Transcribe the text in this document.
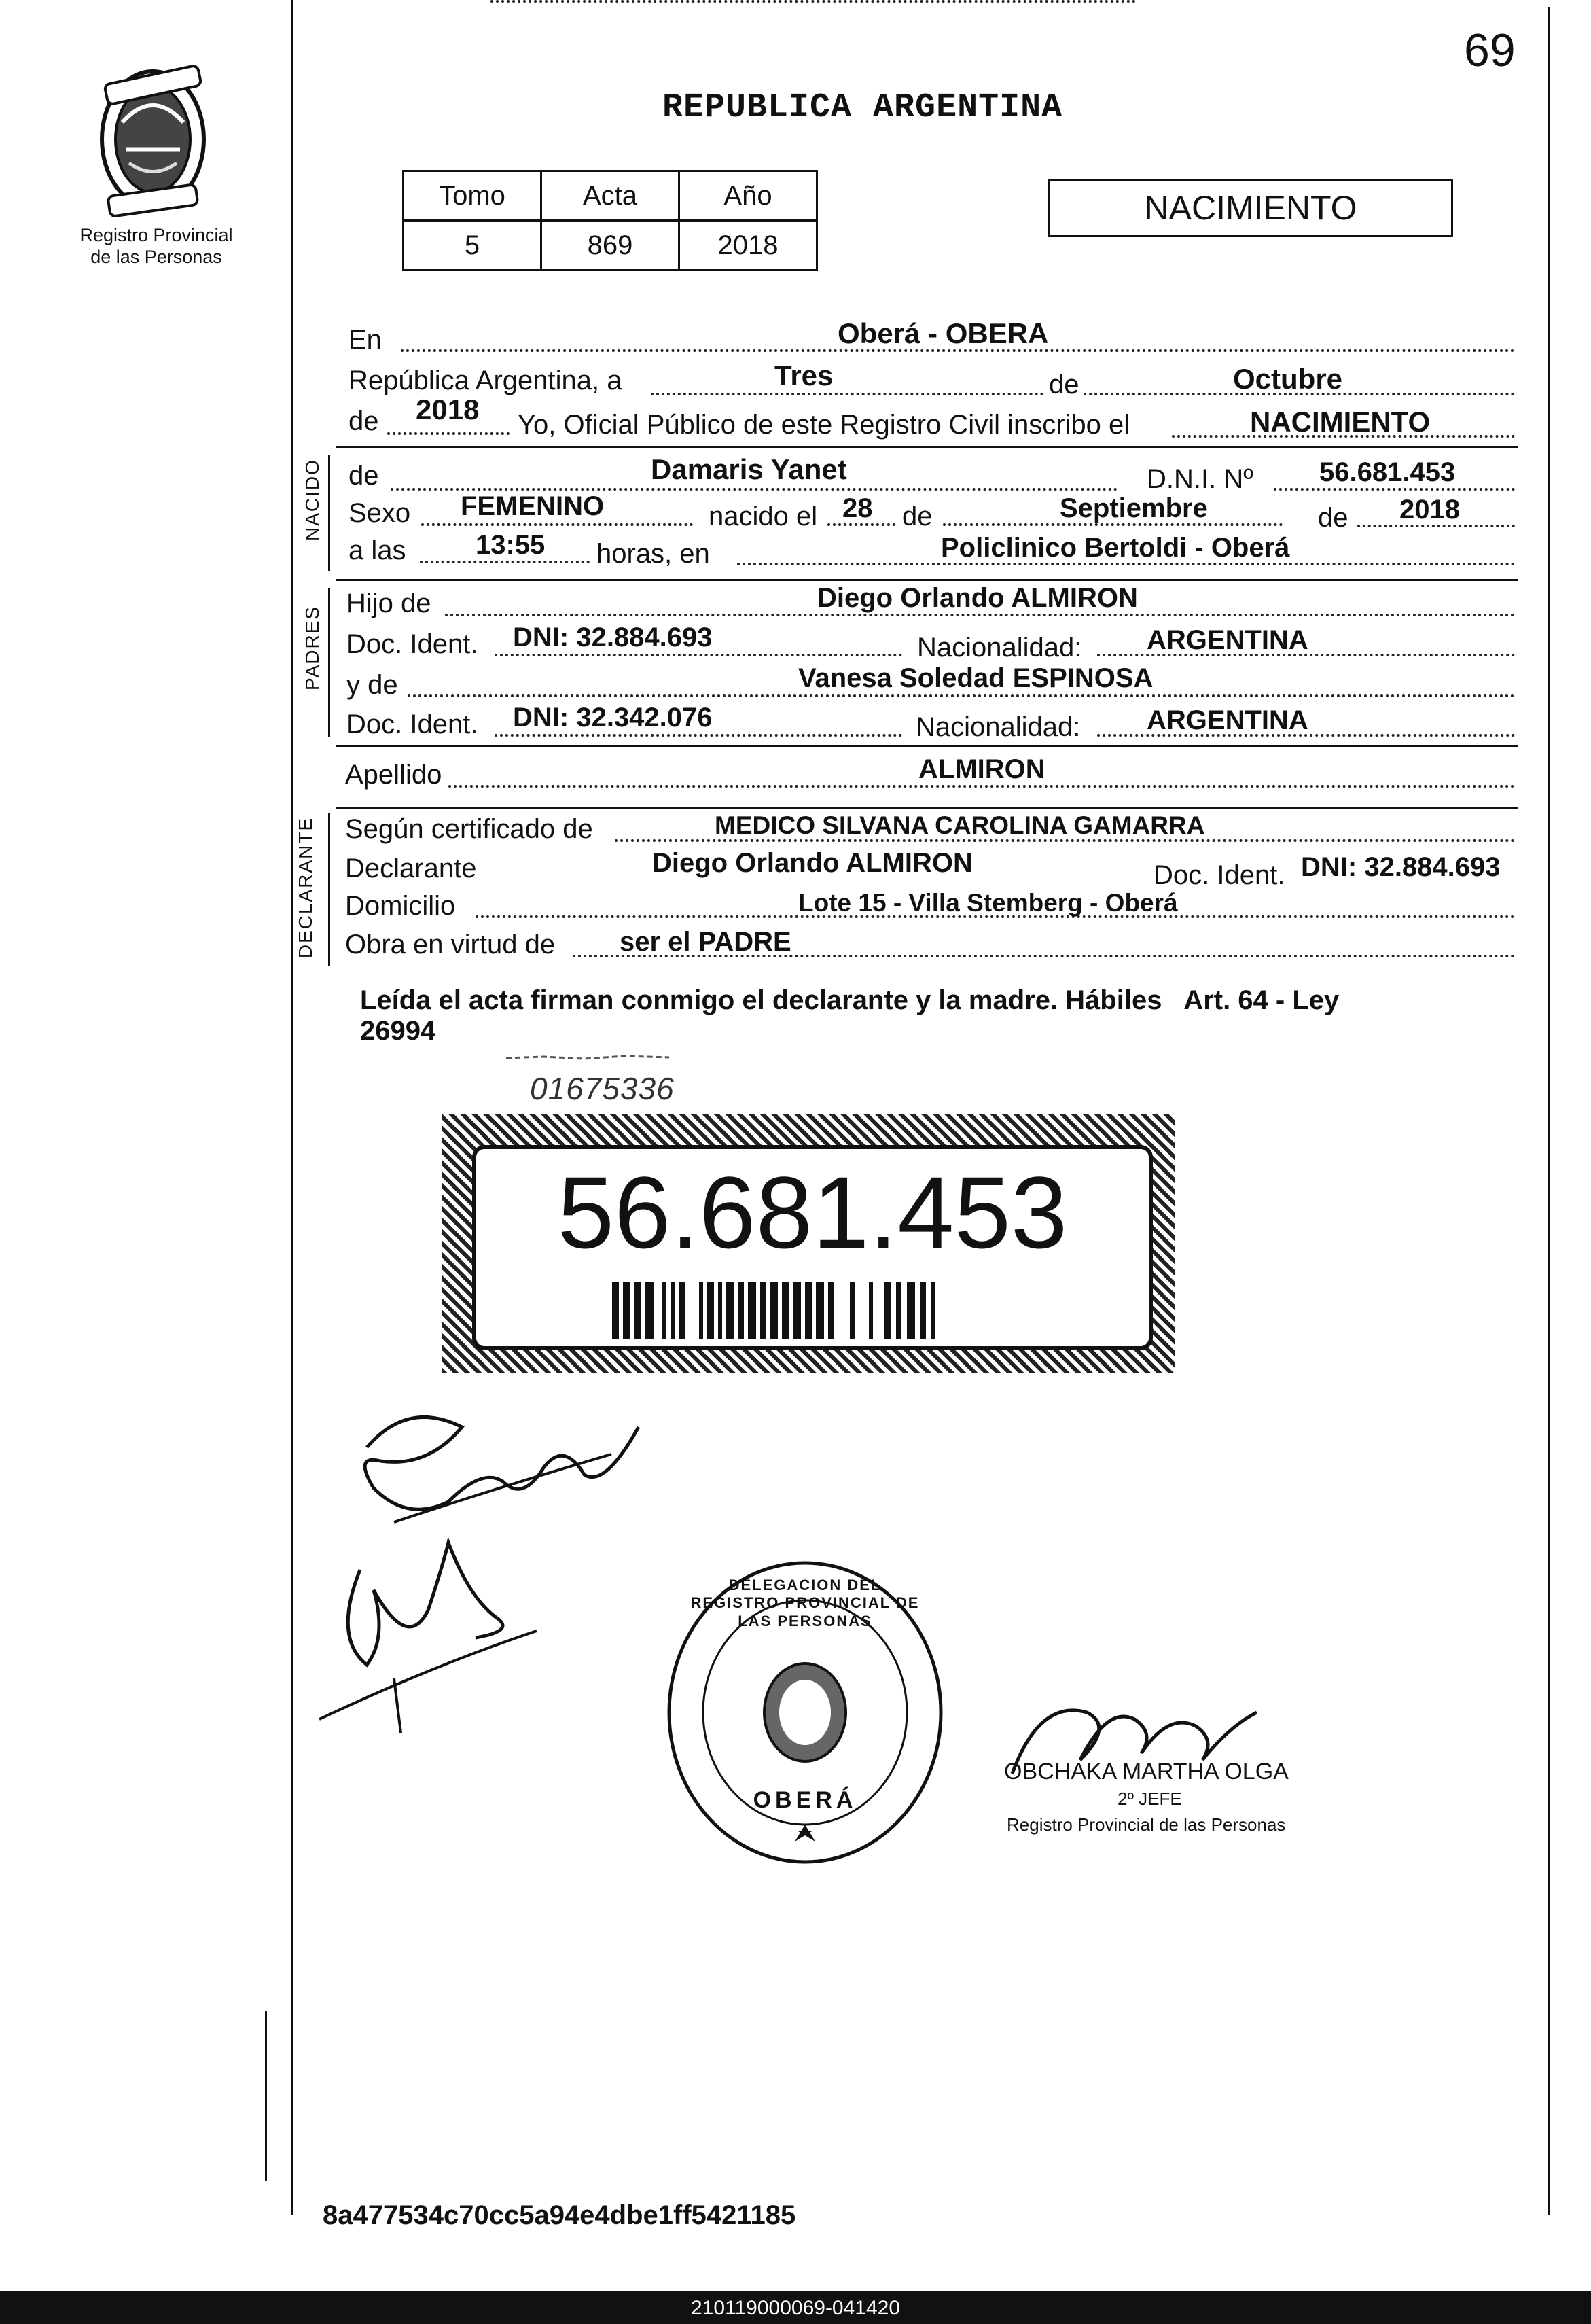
69
Registro Provincial de las Personas
REPUBLICA ARGENTINA
Tomo	Acta	Año
5	869	2018
NACIMIENTO
En	Oberá - OBERA
República Argentina, a	Tres	de	Octubre
de 2018 Yo, Oficial Público de este Registro Civil inscribo el	NACIMIENTO
NACIDO de	Damaris Yanet	D.N.I. Nº 56.681.453
Sexo FEMENINO	nacido el 28 de	Septiembre	de 2018
a las	13:55 horas, en	Policlinico Bertoldi - Oberá
PADRES
Hijo de	Diego Orlando ALMIRON
Doc. Ident. DNI: 32.884.693	Nacionalidad: ARGENTINA
y de	Vanesa Soledad ESPINOSA
Doc. Ident. DNI: 32.342.076	Nacionalidad: ARGENTINA
Apellido	ALMIRON
DECLARANTE Según certificado de	MEDICO SILVANA CAROLINA GAMARRA
Declarante	Diego Orlando ALMIRON	Doc. Ident. DNI: 32.884.693
Domicilio	Lote 15 - Villa Stemberg - Oberá
Obra en virtud de ser el PADRE
Leída el acta firman conmigo el declarante y la madre. Hábiles   Art. 64 - Ley
26994
01675336
56.681.453
DELEGACION DEL REGISTRO PROVINCIAL DE LAS PERSONAS
OBERÁ
OBCHAKA MARTHA OLGA
2º JEFE
Registro Provincial de las Personas
8a477534c70cc5a94e4dbe1ff5421185
210119000069-041420
